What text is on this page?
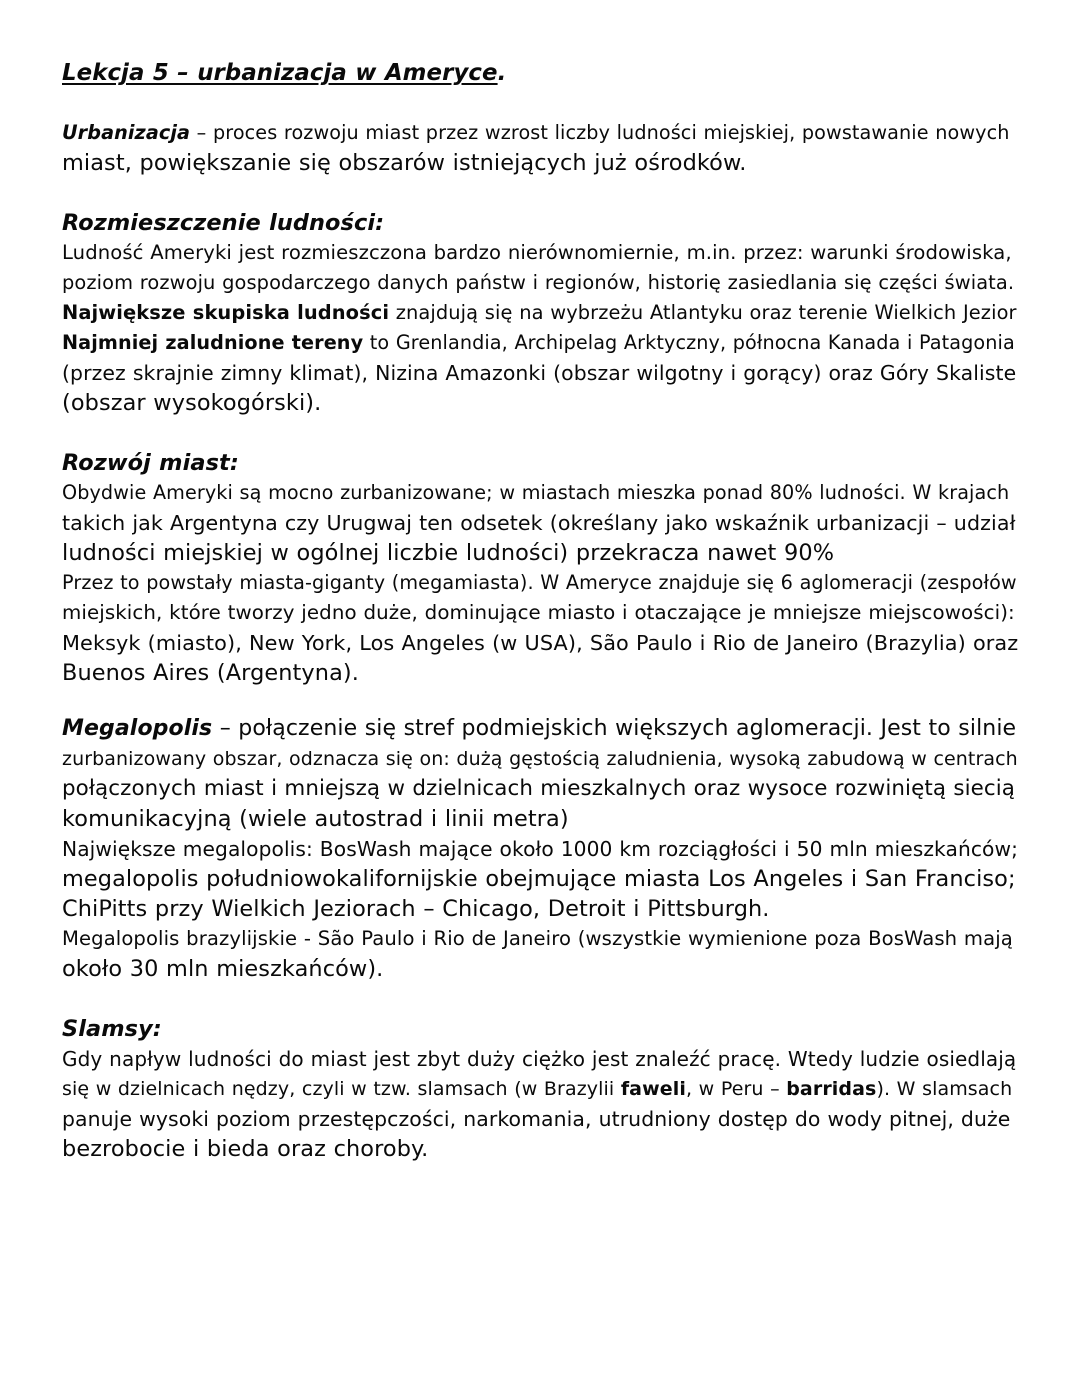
Lekcja 5 – urbanizacja w Ameryce.
Urbanizacja – proces rozwoju miast przez wzrost liczby ludności miejskiej, powstawanie nowych
miast, powiększanie się obszarów istniejących już ośrodków.
Rozmieszczenie ludności:
Ludność Ameryki jest rozmieszczona bardzo nierównomiernie, m.in. przez: warunki środowiska,
poziom rozwoju gospodarczego danych państw i regionów, historię zasiedlania się części świata.
Największe skupiska ludności znajdują się na wybrzeżu Atlantyku oraz terenie Wielkich Jezior
Najmniej zaludnione tereny to Grenlandia, Archipelag Arktyczny, północna Kanada i Patagonia
(przez skrajnie zimny klimat), Nizina Amazonki (obszar wilgotny i gorący) oraz Góry Skaliste
(obszar wysokogórski).
Rozwój miast:
Obydwie Ameryki są mocno zurbanizowane; w miastach mieszka ponad 80% ludności. W krajach
takich jak Argentyna czy Urugwaj ten odsetek (określany jako wskaźnik urbanizacji – udział
ludności miejskiej w ogólnej liczbie ludności) przekracza nawet 90%
Przez to powstały miasta-giganty (megamiasta). W Ameryce znajduje się 6 aglomeracji (zespołów
miejskich, które tworzy jedno duże, dominujące miasto i otaczające je mniejsze miejscowości):
Meksyk (miasto), New York, Los Angeles (w USA), São Paulo i Rio de Janeiro (Brazylia) oraz
Buenos Aires (Argentyna).
Megalopolis – połączenie się stref podmiejskich większych aglomeracji. Jest to silnie
zurbanizowany obszar, odznacza się on: dużą gęstością zaludnienia, wysoką zabudową w centrach
połączonych miast i mniejszą w dzielnicach mieszkalnych oraz wysoce rozwiniętą siecią
komunikacyjną (wiele autostrad i linii metra)
Największe megalopolis: BosWash mające około 1000 km rozciągłości i 50 mln mieszkańców;
megalopolis południowokalifornijskie obejmujące miasta Los Angeles i San Franciso;
ChiPitts przy Wielkich Jeziorach – Chicago, Detroit i Pittsburgh.
Megalopolis brazylijskie - São Paulo i Rio de Janeiro (wszystkie wymienione poza BosWash mają
około 30 mln mieszkańców).
Slamsy:
Gdy napływ ludności do miast jest zbyt duży ciężko jest znaleźć pracę. Wtedy ludzie osiedlają
się w dzielnicach nędzy, czyli w tzw. slamsach (w Brazylii faweli, w Peru – barridas). W slamsach
panuje wysoki poziom przestępczości, narkomania, utrudniony dostęp do wody pitnej, duże
bezrobocie i bieda oraz choroby.
